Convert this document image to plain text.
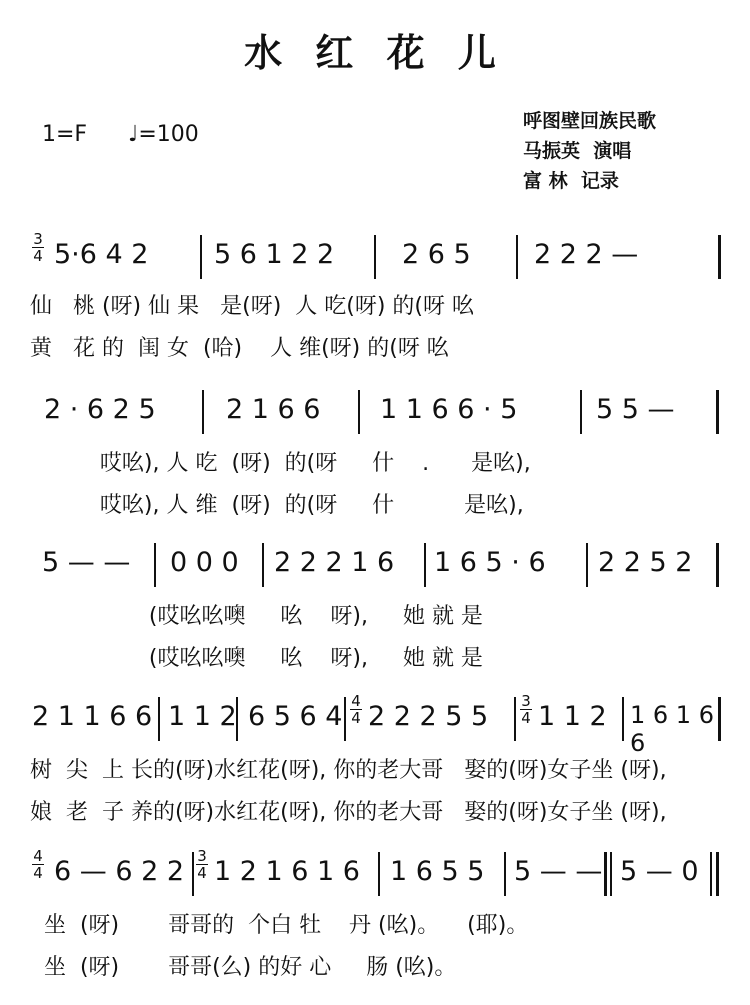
水 红 花 儿
1=F ♩=100
呼图壁回族民歌
马振英  演唱
富 林  记录
3
4 5·6 4 2 5 6 1 2 2	2 6 5 2 2 2 —
仙   桃 (呀) 仙 果   是(呀)  人 吃(呀) 的(呀 吆
黄   花 的  闺 女  (哈)    人 维(呀) 的(呀 吆
2 · 6 2 5	2 1 6 6 1 1 6 6 · 5	5 5 —
哎吆), 人 吃  (呀)  的(呀     什    .      是吆),
哎吆), 人 维  (呀)  的(呀     什          是吆),
5 — — 0 0 0 2 2 2 1 6 1 6 5 · 6 2 2 5 2
(哎吆吆噢     吆    呀),     她 就 是
(哎吆吆噢     吆    呀),     她 就 是
2 1 1 6 6 1 1 2 6 5 6 4 4
4 2 2 2 5 5 3
4 1 1 2 1 6 1 6 6
树  尖  上 长的(呀)水红花(呀), 你的老大哥   娶的(呀)女子坐 (呀),
娘  老  子 养的(呀)水红花(呀), 你的老大哥   娶的(呀)女子坐 (呀),
4
4 6 — 6 2 2 3
4 1 2 1 6 1 6 1 6 5 5 5 — — 5 — 0
坐  (呀)       哥哥的  个白 牡    丹 (吆)。    (耶)。
坐  (呀)       哥哥(么) 的好 心     肠 (吆)。
